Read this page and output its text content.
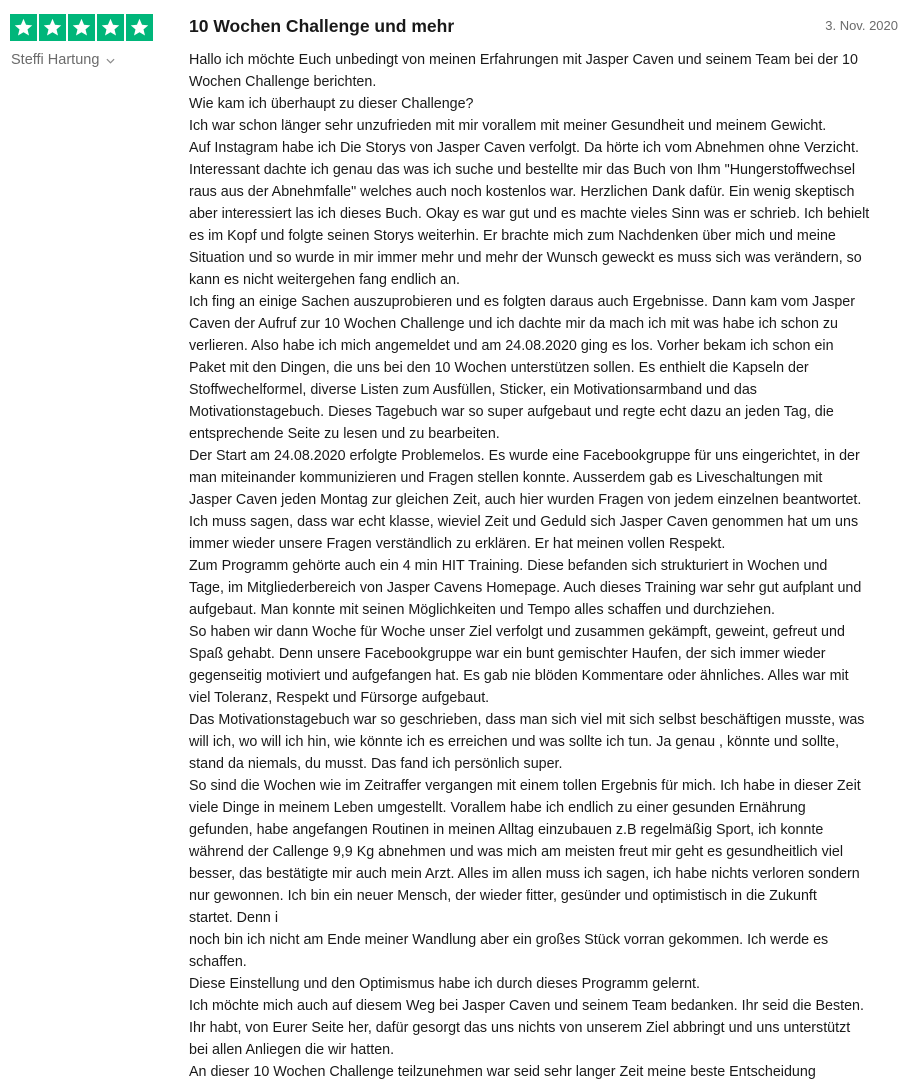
Steffi Hartung
10 Wochen Challenge und mehr	3. Nov. 2020

Hallo ich möchte Euch unbedingt von meinen Erfahrungen mit Jasper Caven und seinem Team bei der 10

Wochen Challenge berichten.

Wie kam ich überhaupt zu dieser Challenge?

Ich war schon länger sehr unzufrieden mit mir vorallem mit meiner Gesundheit und meinem Gewicht.

Auf Instagram habe ich Die Storys von Jasper Caven verfolgt. Da hörte ich vom Abnehmen ohne Verzicht.

Interessant dachte ich genau das was ich suche und bestellte mir das Buch von Ihm "Hungerstoffwechsel

raus aus der Abnehmfalle" welches auch noch kostenlos war. Herzlichen Dank dafür. Ein wenig skeptisch

aber interessiert las ich dieses Buch. Okay es war gut und es machte vieles Sinn was er schrieb. Ich behielt

es im Kopf und folgte seinen Storys weiterhin. Er brachte mich zum Nachdenken über mich und meine

Situation und so wurde in mir immer mehr und mehr der Wunsch geweckt es muss sich was verändern, so

kann es nicht weitergehen fang endlich an.

Ich fing an einige Sachen auszuprobieren und es folgten daraus auch Ergebnisse. Dann kam vom Jasper

Caven der Aufruf zur 10 Wochen Challenge und ich dachte mir da mach ich mit was habe ich schon zu

verlieren. Also habe ich mich angemeldet und am 24.08.2020 ging es los. Vorher bekam ich schon ein

Paket mit den Dingen, die uns bei den 10 Wochen unterstützen sollen. Es enthielt die Kapseln der

Stoffwechelformel, diverse Listen zum Ausfüllen, Sticker, ein Motivationsarmband und das

Motivationstagebuch. Dieses Tagebuch war so super aufgebaut und regte echt dazu an jeden Tag, die

entsprechende Seite zu lesen und zu bearbeiten.

Der Start am 24.08.2020 erfolgte Problemelos. Es wurde eine Facebookgruppe für uns eingerichtet, in der

man miteinander kommunizieren und Fragen stellen konnte. Ausserdem gab es Liveschaltungen mit

Jasper Caven jeden Montag zur gleichen Zeit, auch hier wurden Fragen von jedem einzelnen beantwortet.

Ich muss sagen, dass war echt klasse, wieviel Zeit und Geduld sich Jasper Caven genommen hat um uns

immer wieder unsere Fragen verständlich zu erklären. Er hat meinen vollen Respekt.

Zum Programm gehörte auch ein 4 min HIT Training. Diese befanden sich strukturiert in Wochen und

Tage, im Mitgliederbereich von Jasper Cavens Homepage. Auch dieses Training war sehr gut aufplant und

aufgebaut. Man konnte mit seinen Möglichkeiten und Tempo alles schaffen und durchziehen.

So haben wir dann Woche für Woche unser Ziel verfolgt und zusammen gekämpft, geweint, gefreut und

Spaß gehabt. Denn unsere Facebookgruppe war ein bunt gemischter Haufen, der sich immer wieder

gegenseitig motiviert und aufgefangen hat. Es gab nie blöden Kommentare oder ähnliches. Alles war mit

viel Toleranz, Respekt und Fürsorge aufgebaut.

Das Motivationstagebuch war so geschrieben, dass man sich viel mit sich selbst beschäftigen musste, was

will ich, wo will ich hin, wie könnte ich es erreichen und was sollte ich tun. Ja genau , könnte und sollte,

stand da niemals, du musst. Das fand ich persönlich super.

So sind die Wochen wie im Zeitraffer vergangen mit einem tollen Ergebnis für mich. Ich habe in dieser Zeit

viele Dinge in meinem Leben umgestellt. Vorallem habe ich endlich zu einer gesunden Ernährung

gefunden, habe angefangen Routinen in meinen Alltag einzubauen z.B regelmäßig Sport, ich konnte

während der Callenge 9,9 Kg abnehmen und was mich am meisten freut mir geht es gesundheitlich viel

besser, das bestätigte mir auch mein Arzt. Alles im allen muss ich sagen, ich habe nichts verloren sondern

nur gewonnen. Ich bin ein neuer Mensch, der wieder fitter, gesünder und optimistisch in die Zukunft

startet. Denn i

noch bin ich nicht am Ende meiner Wandlung aber ein großes Stück vorran gekommen. Ich werde es

schaffen.

Diese Einstellung und den Optimismus habe ich durch dieses Programm gelernt.

Ich möchte mich auch auf diesem Weg bei Jasper Caven und seinem Team bedanken. Ihr seid die Besten.

Ihr habt, von Eurer Seite her, dafür gesorgt das uns nichts von unserem Ziel abbringt und uns unterstützt

bei allen Anliegen die wir hatten.

An dieser 10 Wochen Challenge teilzunehmen war seid sehr langer Zeit meine beste Entscheidung
